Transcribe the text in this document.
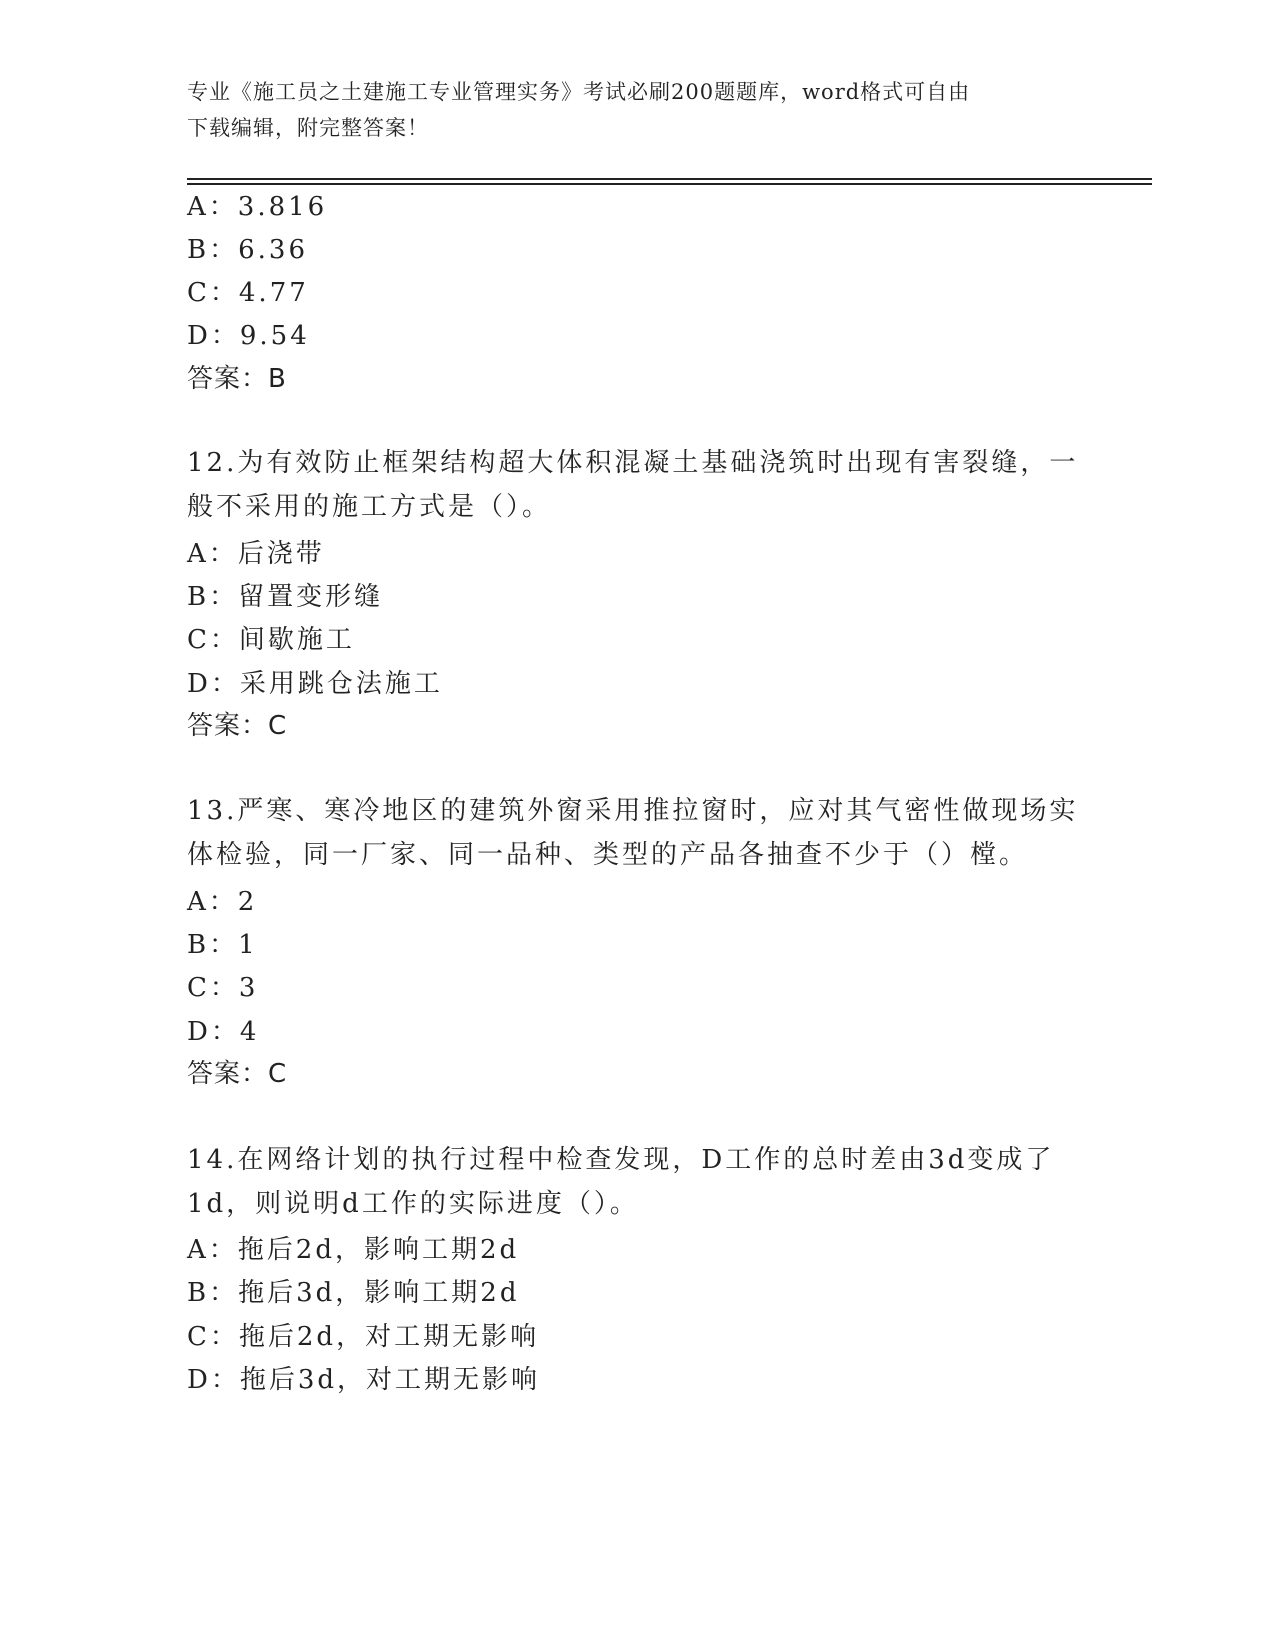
专业《施工员之土建施工专业管理实务》考试必刷200题题库，word格式可自由
下载编辑，附完整答案！
A：3.816
B：6.36
C：4.77
D：9.54
答案：B
12.为有效防止框架结构超大体积混凝土基础浇筑时出现有害裂缝，一
般不采用的施工方式是（）。
A：后浇带
B：留置变形缝
C：间歇施工
D：采用跳仓法施工
答案：C
13.严寒、寒冷地区的建筑外窗采用推拉窗时，应对其气密性做现场实
体检验，同一厂家、同一品种、类型的产品各抽查不少于（）樘。
A：2
B：1
C：3
D：4
答案：C
14.在网络计划的执行过程中检查发现，D工作的总时差由3d变成了
1d，则说明d工作的实际进度（）。
A：拖后2d，影响工期2d
B：拖后3d，影响工期2d
C：拖后2d，对工期无影响
D：拖后3d，对工期无影响
